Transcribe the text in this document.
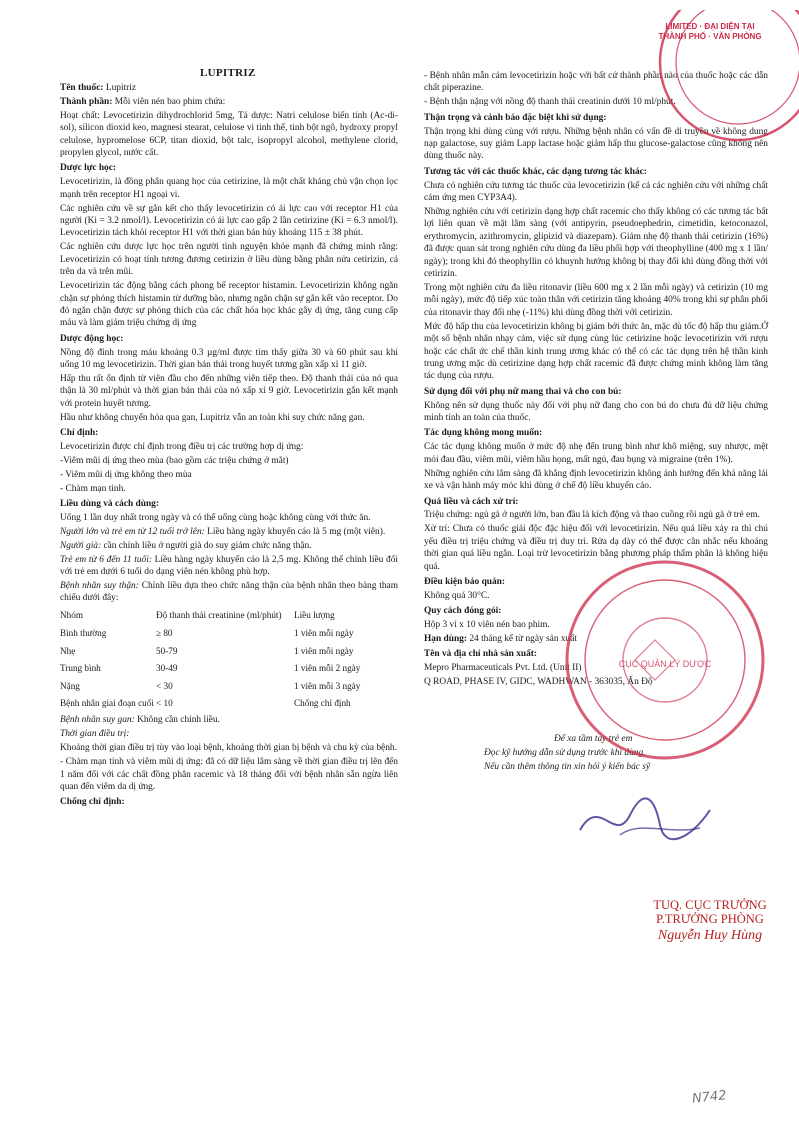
LUPITRIZ

Tên thuốc: Lupitriz

Thành phần: Mỗi viên nén bao phim chứa:

Hoạt chất: Levocetirizin dihydrochlorid 5mg, Tá dược: Natri celulose biến tính (Ac-di-sol), silicon dioxid keo, magnesi stearat, celulose vi tinh thể, tinh bột ngô, hydroxy propyl celulose, hypromelose 6CP, titan dioxid, bột talc, isopropyl alcohol, methylene clorid, propylen glycol, nước cất.

Dược lực học:

Levocetirizin, là đồng phân quang học của cetirizine, là một chất kháng chủ vận chọn lọc mạnh trên receptor H1 ngoại vi.

Các nghiên cứu về sự gắn kết cho thấy levocetirizin có ái lực cao với receptor H1 của người (Ki = 3.2 nmol/l). Levocetirizin có ái lực cao gấp 2 lần cetirizine (Ki = 6.3 nmol/l). Levocetirizin tách khỏi receptor H1 với thời gian bán hủy khoảng 115 ± 38 phút.

Các nghiên cứu dược lực học trên người tình nguyện khỏe mạnh đã chứng minh rằng: Levocetirizin có hoạt tính tương đương cetirizin ở liều dùng bằng phân nửa cetirizin, cả trên da và trên mũi.

Levocetirizin tác động bằng cách phong bế receptor histamin. Levocetirizin không ngăn chặn sự phóng thích histamin từ dưỡng bào, nhưng ngăn chặn sự gắn kết vào receptor. Do đó ngăn chặn được sự phóng thích của các chất hóa học khác gây dị ứng, tăng cung cấp máu và làm giảm triệu chứng dị ứng

Dược động học:

Nồng độ đỉnh trong máu khoảng 0.3 µg/ml được tìm thấy giữa 30 và 60 phút sau khi uống 10 mg levocetirizin. Thời gian bán thải trong huyết tương gần xấp xỉ 11 giờ.

Hấp thu rất ổn định từ viên đầu cho đến những viên tiếp theo. Độ thanh thải của nó qua thận là 30 ml/phút và thời gian bán thải của nó xấp xỉ 9 giờ. Levocetirizin gắn kết mạnh với protein huyết tương.

Hầu như không chuyển hóa qua gan, Lupitriz vẫn an toàn khi suy chức năng gan.

Chỉ định:

Levocetirizin được chỉ định trong điều trị các trường hợp dị ứng:

-Viêm mũi dị ứng theo mùa (bao gồm các triệu chứng ở mắt)

- Viêm mũi dị ứng không theo mùa

- Chàm mạn tính.

Liều dùng và cách dùng:

Uống 1 lần duy nhất trong ngày và có thể uống cùng hoặc không cùng với thức ăn.

Người lớn và trẻ em từ 12 tuổi trở lên: Liều hàng ngày khuyến cáo là 5 mg (một viên).

Người già: cần chỉnh liều ở người già do suy giảm chức năng thận.

Trẻ em từ 6 đến 11 tuổi: Liều hàng ngày khuyến cáo là 2,5 mg. Không thể chỉnh liều đối với trẻ em dưới 6 tuổi do dạng viên nén không phù hợp.

Bệnh nhân suy thận: Chỉnh liều dựa theo chức năng thận của bệnh nhân theo bảng tham chiếu dưới đây:

Nhóm	Độ thanh thải creatinine (ml/phút)	Liều lượng
Bình thường	≥ 80	1 viên mỗi ngày
Nhẹ	50-79	1 viên mỗi ngày
Trung bình	30-49	1 viên mỗi 2 ngày
Nặng	< 30	1 viên mỗi 3 ngày
Bệnh nhân giai đoạn cuối	< 10	Chống chỉ định

Bệnh nhân suy gan: Không cần chỉnh liều.

Thời gian điều trị:

Khoảng thời gian điều trị tùy vào loại bệnh, khoảng thời gian bị bệnh và chu kỳ của bệnh.

- Chàm mạn tính và viêm mũi dị ứng: đã có dữ liệu lâm sàng về thời gian điều trị lên đến 1 năm đối với các chất đồng phân racemic và 18 tháng đối với bệnh nhân sẵn ngừa liên quan đến viêm da dị ứng.

Chống chỉ định:

- Bệnh nhân mẫn cảm levocetirizin hoặc với bất cứ thành phần nào của thuốc hoặc các dẫn chất piperazine.

- Bệnh thận nặng với nồng độ thanh thải creatinin dưới 10 ml/phút.

Thận trọng và cảnh báo đặc biệt khi sử dụng:

Thận trọng khi dùng cùng với rượu. Những bệnh nhân có vấn đề di truyền về không dung nạp galactose, suy giảm Lapp lactase hoặc giảm hấp thu glucose-galactose cũng không nên dùng thuốc này.

Tương tác với các thuốc khác, các dạng tương tác khác:

Chưa có nghiên cứu tương tác thuốc của levocetirizin (kể cả các nghiên cứu với những chất cảm ứng men CYP3A4).

Những nghiên cứu với cetirizin dạng hợp chất racemic cho thấy không có các tương tác bất lợi liên quan về mặt lâm sàng (với antipyrin, pseudoephedrin, cimetidin, ketoconazol, erythromycin, azithromycin, glipizid và diazepam). Giảm nhẹ độ thanh thải cetirizin (16%) đã được quan sát trong nghiên cứu dùng đa liều phối hợp với theophylline (400 mg x 1 lần/ ngày); trong khi đó theophyllin có khuynh hướng không bị thay đổi khi dùng đồng thời với cetirizin.

Trong một nghiên cứu đa liều ritonavir (liều 600 mg x 2 lần mỗi ngày) và cetirizin (10 mg mỗi ngày), mức độ tiếp xúc toàn thân với cetirizin tăng khoảng 40% trong khi sự phân phối của ritonavir thay đổi nhẹ (-11%) khi dùng đồng thời với cetirizin.

Mức độ hấp thu của levocetirizin không bị giảm bởi thức ăn, mặc dù tốc độ hấp thu giảm.Ở một số bệnh nhân nhạy cảm, việc sử dụng cùng lúc cetirizine hoặc levocetirizin với rượu hoặc các chất ức chế thần kinh trung ương khác có thể có các tác dụng trên hệ thần kinh trung ương mặc dù cetirizine dạng hợp chất racemic đã được chứng minh không làm tăng tác dụng của rượu.

Sử dụng đối với phụ nữ mang thai và cho con bú:

Không nên sử dụng thuốc này đối với phụ nữ đang cho con bú do chưa đủ dữ liệu chứng minh tính an toàn của thuốc.

Tác dụng không mong muốn:

Các tác dụng không muốn ở mức độ nhẹ đến trung bình như khô miệng, suy nhược, mệt mỏi đau đầu, viêm mũi, viêm hầu họng, mất ngủ, đau bụng và migraine (trên 1%).

Những nghiên cứu lâm sàng đã khẳng định levocetirizin không ảnh hưởng đến khả năng lái xe và vận hành máy móc khi dùng ở chế độ liều khuyến cáo.

Quá liều và cách xử trí:

Triệu chứng: ngủ gà ở người lớn, ban đầu là kích động và thao cuồng rồi ngủ gà ở trẻ em.

Xử trí: Chưa có thuốc giải độc đặc hiệu đối với levocetirizin. Nếu quá liều xảy ra thì chú yếu điều trị triệu chứng và điều trị duy trì. Rửa dạ dày có thể được cân nhắc nếu khoảng thời gian quá liều ngắn. Loại trừ levocetirizin bằng phương pháp thẩm phân là không hiệu quả.

Điều kiện bảo quản:

Không quá 30°C.

Quy cách đóng gói:

Hộp 3 vỉ x 10 viên nén bao phim.

Hạn dùng: 24 tháng kể từ ngày sản xuất

Tên và địa chỉ nhà sản xuất:

Mepro Pharmaceuticals Pvt. Ltd. (Unit II)

Q ROAD, PHASE IV, GIDC, WADHWAN - 363035, Ấn Độ

Để xa tầm tay trẻ em

Đọc kỹ hướng dẫn sử dụng trước khi dùng.

Nếu cần thêm thông tin xin hỏi ý kiến bác sỹ

LIMITED · ĐẠI DIỆN TẠI THÀNH PHỐ · VĂN PHÒNG
CỤC QUẢN LÝ DƯỢC
TUQ. CỤC TRƯỞNG
P.TRƯỞNG PHÒNG
Nguyễn Huy Hùng
N742
